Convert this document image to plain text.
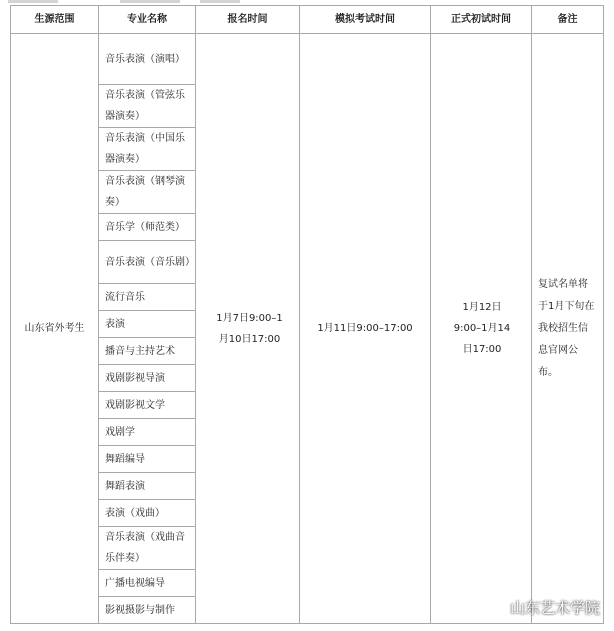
生源范围	专业名称	报名时间	模拟考试时间	正式初试时间	备注
山东省外考生	音乐表演（演唱）	1月7日9:00–1月10日17:00	1月11日9:00–17:00	1月12日9:00–1月14日17:00	复试名单将于1月下旬在我校招生信息官网公布。
	音乐表演（管弦乐器演奏）				
	音乐表演（中国乐器演奏）				
	音乐表演（钢琴演奏）				
	音乐学（师范类）				
	音乐表演（音乐剧）				
	流行音乐				
	表演				
	播音与主持艺术				
	戏剧影视导演				
	戏剧影视文学				
	戏剧学				
	舞蹈编导				
	舞蹈表演				
	表演（戏曲）				
	音乐表演（戏曲音乐伴奏）				
	广播电视编导				
	影视摄影与制作					山东艺术学院
